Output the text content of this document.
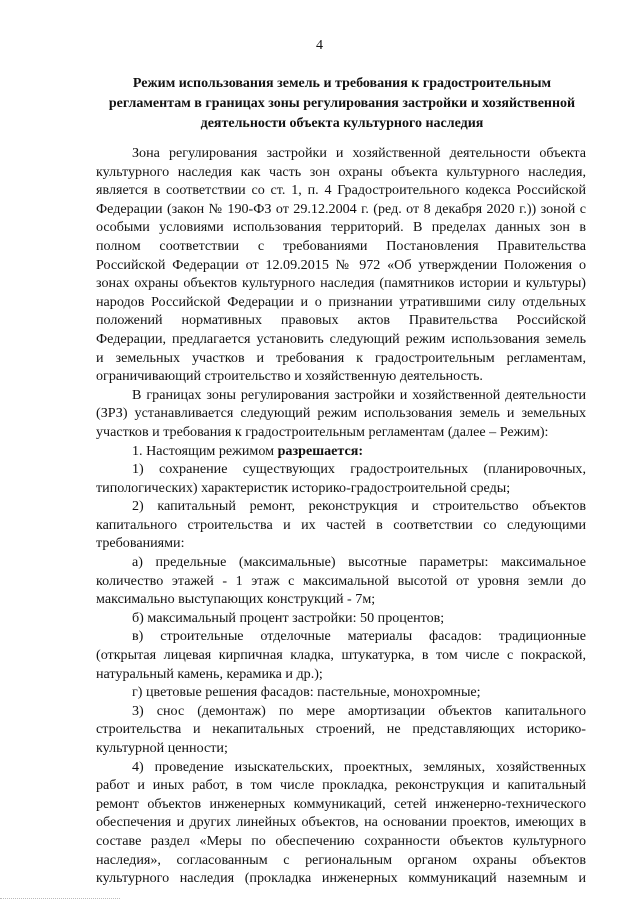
4
Режим использования земель и требования к градостроительным
регламентам в границах зоны регулирования застройки и хозяйственной
деятельности объекта культурного наследия
Зона регулирования застройки и хозяйственной деятельности объекта
культурного наследия как часть зон охраны объекта культурного наследия,
является в соответствии со ст. 1, п. 4 Градостроительного кодекса Российской
Федерации (закон № 190-ФЗ от 29.12.2004 г. (ред. от 8 декабря 2020 г.)) зоной с
особыми условиями использования территорий. В пределах данных зон в
полном соответствии с требованиями Постановления Правительства
Российской Федерации от 12.09.2015 № 972 «Об утверждении Положения о
зонах охраны объектов культурного наследия (памятников истории и культуры)
народов Российской Федерации и о признании утратившими силу отдельных
положений нормативных правовых актов Правительства Российской
Федерации, предлагается установить следующий режим использования земель
и земельных участков и требования к градостроительным регламентам,
ограничивающий строительство и хозяйственную деятельность.
В границах зоны регулирования застройки и хозяйственной деятельности
(ЗРЗ) устанавливается следующий режим использования земель и земельных
участков и требования к градостроительным регламентам (далее – Режим):
1. Настоящим режимом разрешается:
1) сохранение существующих градостроительных (планировочных,
типологических) характеристик историко-градостроительной среды;
2) капитальный ремонт, реконструкция и строительство объектов
капитального строительства и их частей в соответствии со следующими
требованиями:
а) предельные (максимальные) высотные параметры: максимальное
количество этажей - 1 этаж с максимальной высотой от уровня земли до
максимально выступающих конструкций - 7м;
б) максимальный процент застройки: 50 процентов;
в) строительные отделочные материалы фасадов: традиционные
(открытая лицевая кирпичная кладка, штукатурка, в том числе с покраской,
натуральный камень, керамика и др.);
г) цветовые решения фасадов: пастельные, монохромные;
3) снос (демонтаж) по мере амортизации объектов капитального
строительства и некапитальных строений, не представляющих историко-
культурной ценности;
4) проведение изыскательских, проектных, земляных, хозяйственных
работ и иных работ, в том числе прокладка, реконструкция и капитальный
ремонт объектов инженерных коммуникаций, сетей инженерно-технического
обеспечения и других линейных объектов, на основании проектов, имеющих в
составе раздел «Меры по обеспечению сохранности объектов культурного
наследия», согласованным с региональным органом охраны объектов
культурного наследия (прокладка инженерных коммуникаций наземным и
